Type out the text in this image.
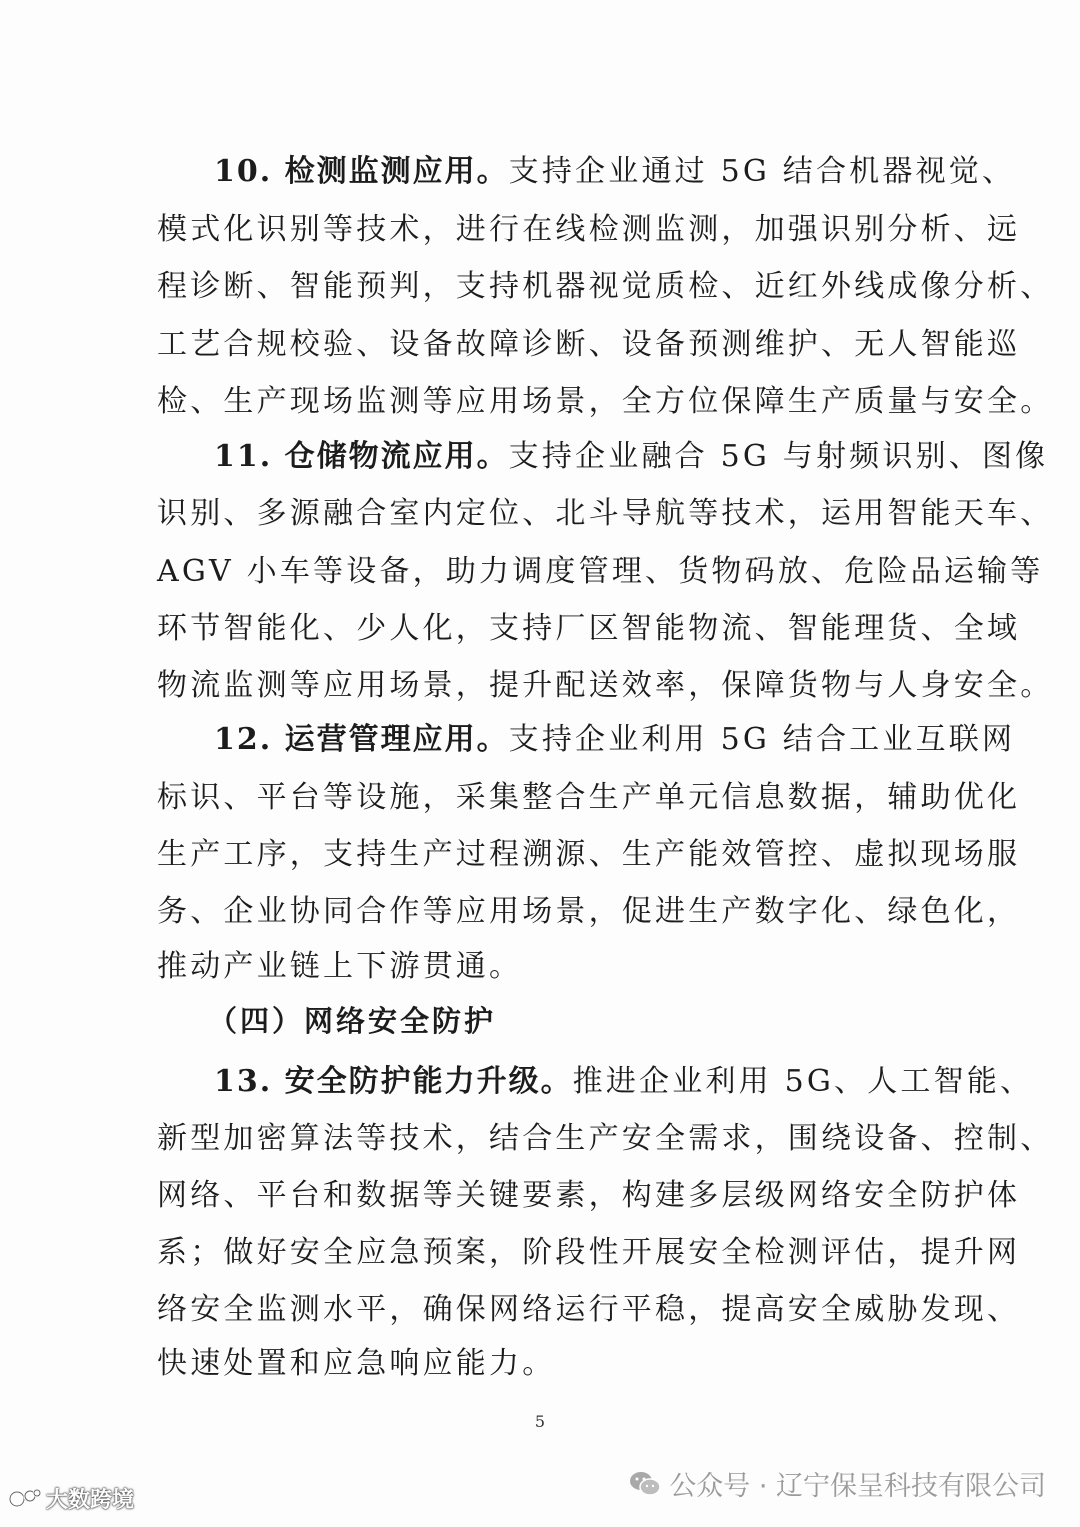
10. 检测监测应用。支持企业通过 5G 结合机器视觉、
模式化识别等技术，进行在线检测监测，加强识别分析、远
程诊断、智能预判，支持机器视觉质检、近红外线成像分析、
工艺合规校验、设备故障诊断、设备预测维护、无人智能巡
检、生产现场监测等应用场景，全方位保障生产质量与安全。
11. 仓储物流应用。支持企业融合 5G 与射频识别、图像
识别、多源融合室内定位、北斗导航等技术，运用智能天车、
AGV 小车等设备，助力调度管理、货物码放、危险品运输等
环节智能化、少人化，支持厂区智能物流、智能理货、全域
物流监测等应用场景，提升配送效率，保障货物与人身安全。
12. 运营管理应用。支持企业利用 5G 结合工业互联网
标识、平台等设施，采集整合生产单元信息数据，辅助优化
生产工序，支持生产过程溯源、生产能效管控、虚拟现场服
务、企业协同合作等应用场景，促进生产数字化、绿色化，
推动产业链上下游贯通。
（四）网络安全防护
13. 安全防护能力升级。推进企业利用 5G、人工智能、
新型加密算法等技术，结合生产安全需求，围绕设备、控制、
网络、平台和数据等关键要素，构建多层级网络安全防护体
系；做好安全应急预案，阶段性开展安全检测评估，提升网
络安全监测水平，确保网络运行平稳，提高安全威胁发现、
快速处置和应急响应能力。
5
公众号 · 辽宁保呈科技有限公司
大数跨境
